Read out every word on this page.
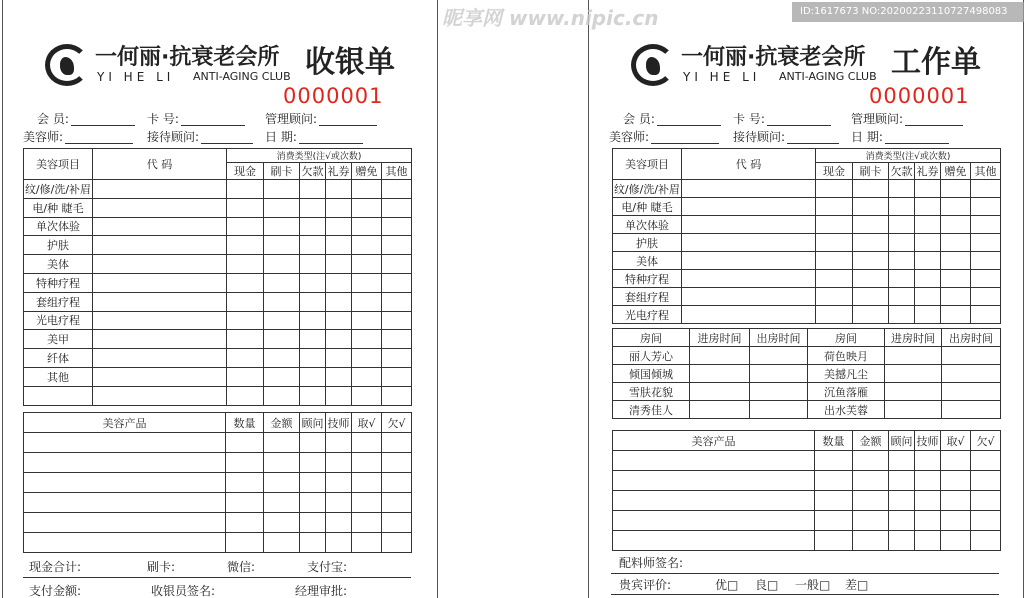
一何丽·抗衰老会所
YI HE LI ANTI-AGING CLUB 收银单
0000001
会 员:	卡 号:	管理顾问:
美容师:	接待顾问:	日 期:
美容项目	代 码	消费类型(注√或次数)					
		现金	刷卡	欠款	礼券	赠免	其他
纹/修/洗/补眉							
电/种 睫毛							
单次体验							
护肤							
美体							
特种疗程							
套组疗程							
光电疗程							
美甲							
纤体							
其他							

美容产品	数量	金额	顾问	技师	取√	欠√

现金合计:	刷卡:	微信:	支付宝:
支付金额:	收银员签名:	经理审批:
一何丽·抗衰老会所
YI HE LI ANTI-AGING CLUB 工作单
0000001
会 员:	卡 号:	管理顾问:
美容师:	接待顾问:	日 期:
美容项目	代 码	消费类型(注√或次数)					
		现金	刷卡	欠款	礼券	赠免	其他
纹/修/洗/补眉							
电/种 睫毛							
单次体验							
护肤							
美体							
特种疗程							
套组疗程							
光电疗程							
房间	进房时间	出房时间	房间	进房时间	出房时间
丽人芳心			荷色映月		
倾国倾城			美撼凡尘		
雪肤花貌			沉鱼落雁		
清秀佳人			出水芙蓉		
美容产品	数量	金额	顾问	技师	取√	欠√

配料师签名:
贵宾评价:	优□ 良□ 一般□ 差□
昵享网 www.nipic.cn	ID:1617673 NO:20200223110727498083
